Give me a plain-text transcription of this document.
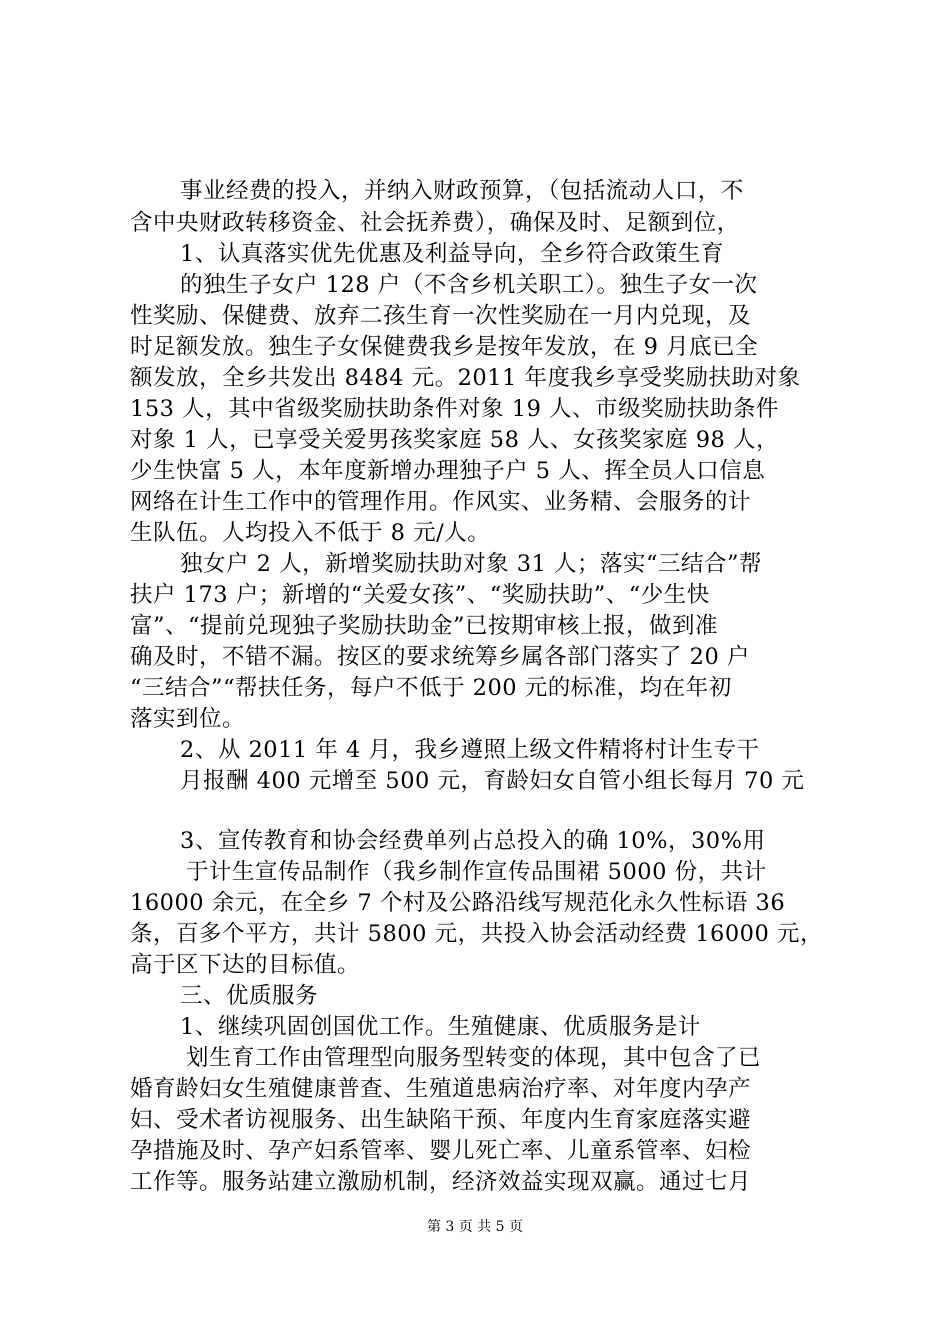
事业经费的投入，并纳入财政预算，（包括流动人口，不
含中央财政转移资金、社会抚养费），确保及时、足额到位，
1、认真落实优先优惠及利益导向，全乡符合政策生育
的独生子女户 128 户（不含乡机关职工）。独生子女一次
性奖励、保健费、放弃二孩生育一次性奖励在一月内兑现，及
时足额发放。独生子女保健费我乡是按年发放，在 9 月底已全
额发放，全乡共发出 8484 元。2011 年度我乡享受奖励扶助对象
153 人，其中省级奖励扶助条件对象 19 人、市级奖励扶助条件
对象 1 人，已享受关爱男孩奖家庭 58 人、女孩奖家庭 98 人，
少生快富 5 人，本年度新增办理独子户 5 人、挥全员人口信息
网络在计生工作中的管理作用。作风实、业务精、会服务的计
生队伍。人均投入不低于 8 元/人。
独女户 2 人，新增奖励扶助对象 31 人；落实“三结合”帮
扶户 173 户；新增的“关爱女孩”、“奖励扶助”、“少生快
富”、“提前兑现独子奖励扶助金”已按期审核上报，做到准
确及时，不错不漏。按区的要求统筹乡属各部门落实了 20 户
“三结合”“帮扶任务，每户不低于 200 元的标准，均在年初
落实到位。
2、从 2011 年 4 月，我乡遵照上级文件精将村计生专干
月报酬 400 元增至 500 元，育龄妇女自管小组长每月 70 元
3、宣传教育和协会经费单列占总投入的确 10%，30%用
于计生宣传品制作（我乡制作宣传品围裙 5000 份，共计
16000 余元，在全乡 7 个村及公路沿线写规范化永久性标语 36
条，百多个平方，共计 5800 元，共投入协会活动经费 16000 元，
高于区下达的目标值。
三、优质服务
1、继续巩固创国优工作。生殖健康、优质服务是计
划生育工作由管理型向服务型转变的体现，其中包含了已
婚育龄妇女生殖健康普查、生殖道患病治疗率、对年度内孕产
妇、受术者访视服务、出生缺陷干预、年度内生育家庭落实避
孕措施及时、孕产妇系管率、婴儿死亡率、儿童系管率、妇检
工作等。服务站建立激励机制，经济效益实现双赢。通过七月
第 3 页 共 5 页
